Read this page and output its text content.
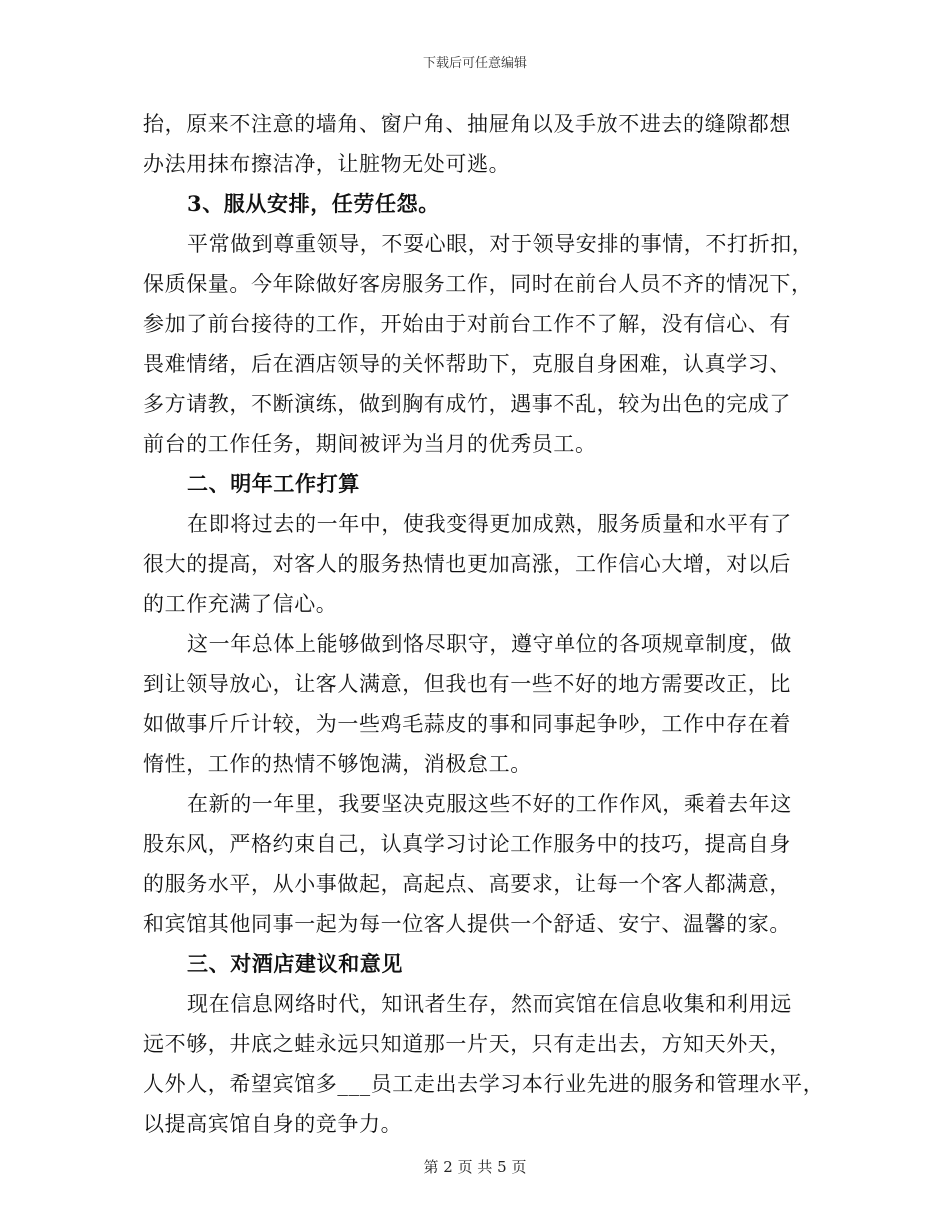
下载后可任意编辑
抬，原来不注意的墙角、窗户角、抽屉角以及手放不进去的缝隙都想
办法用抹布擦洁净，让脏物无处可逃。
3、服从安排，任劳任怨。
平常做到尊重领导，不耍心眼，对于领导安排的事情，不打折扣，
保质保量。今年除做好客房服务工作，同时在前台人员不齐的情况下，
参加了前台接待的工作，开始由于对前台工作不了解，没有信心、有
畏难情绪，后在酒店领导的关怀帮助下，克服自身困难，认真学习、
多方请教，不断演练，做到胸有成竹，遇事不乱，较为出色的完成了
前台的工作任务，期间被评为当月的优秀员工。
二、明年工作打算
在即将过去的一年中，使我变得更加成熟，服务质量和水平有了
很大的提高，对客人的服务热情也更加高涨，工作信心大增，对以后
的工作充满了信心。
这一年总体上能够做到恪尽职守，遵守单位的各项规章制度，做
到让领导放心，让客人满意，但我也有一些不好的地方需要改正，比
如做事斤斤计较，为一些鸡毛蒜皮的事和同事起争吵，工作中存在着
惰性，工作的热情不够饱满，消极怠工。
在新的一年里，我要坚决克服这些不好的工作作风，乘着去年这
股东风，严格约束自己，认真学习讨论工作服务中的技巧，提高自身
的服务水平，从小事做起，高起点、高要求，让每一个客人都满意，
和宾馆其他同事一起为每一位客人提供一个舒适、安宁、温馨的家。
三、对酒店建议和意见
现在信息网络时代，知讯者生存，然而宾馆在信息收集和利用远
远不够，井底之蛙永远只知道那一片天，只有走出去，方知天外天，
人外人，希望宾馆多___员工走出去学习本行业先进的服务和管理水平，
以提高宾馆自身的竞争力。
第 2 页 共 5 页
